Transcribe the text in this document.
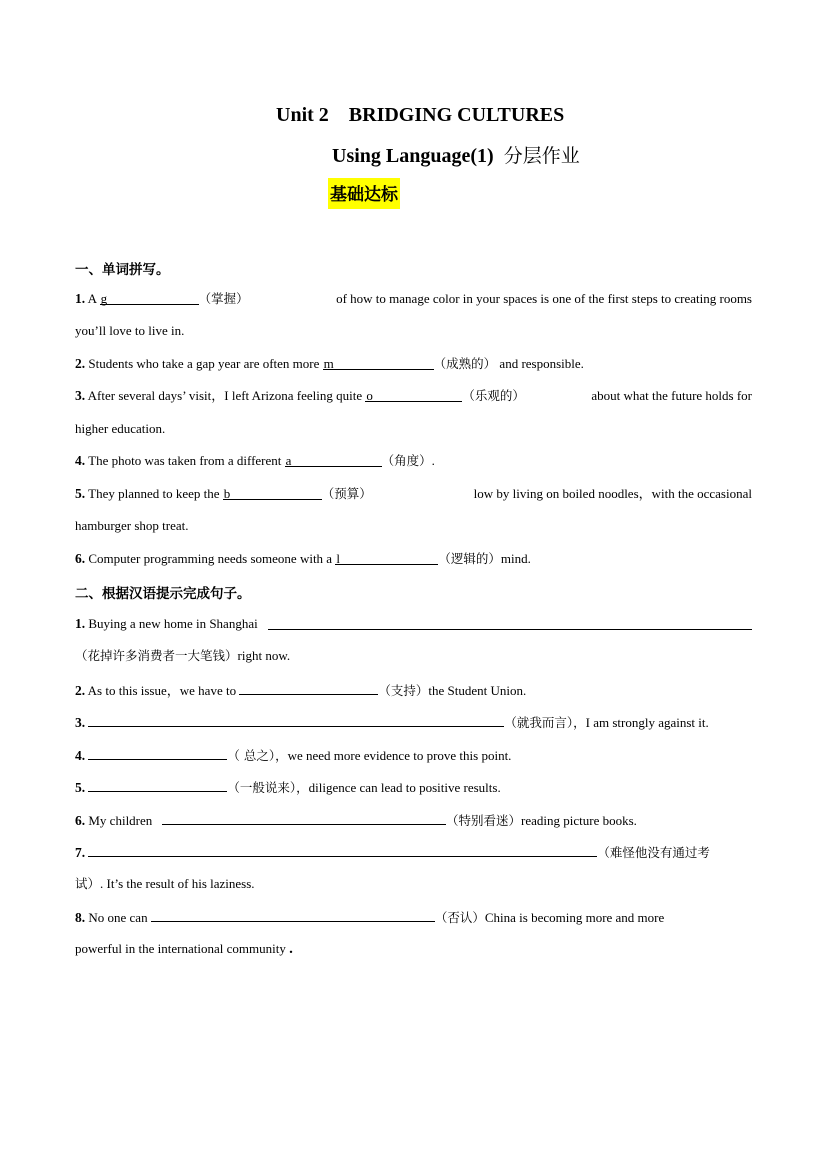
Unit 2 BRIDGING CULTURES
Using Language(1) 分层作业
基础达标
一、单词拼写。
1. A g	（掌握）	of how to manage color in your spaces is one of the first steps to creating rooms
you’ll love to live in.
2. Students who take a gap year are often more m	（成熟的） and responsible.
3. After several days’ visit，I left Arizona feeling quite o	（乐观的）	about what the future holds for
higher education.
4. The photo was taken from a different a	（角度）.
5. They planned to keep the b	（预算）	low by living on boiled noodles，with the occasional
hamburger shop treat.
6. Computer programming needs someone with a l	（逻辑的）mind.
二、根据汉语提示完成句子。
1.
Buying a new home in Shanghai
（花掉许多消费者一大笔钱）right now.
2. As to this issue，we have to	（支持）the Student Union.
3.	（就我而言），I am strongly against it.
4.	（ 总之），we need more evidence to prove this point.
5.	（一般说来），diligence can lead to positive results.
6. My children	（特别看迷）reading picture books.
7.	（难怪他没有通过考
试）. It’s the result of his laziness.
8. No one can	（否认）China is becoming more and more
powerful in the international community .
